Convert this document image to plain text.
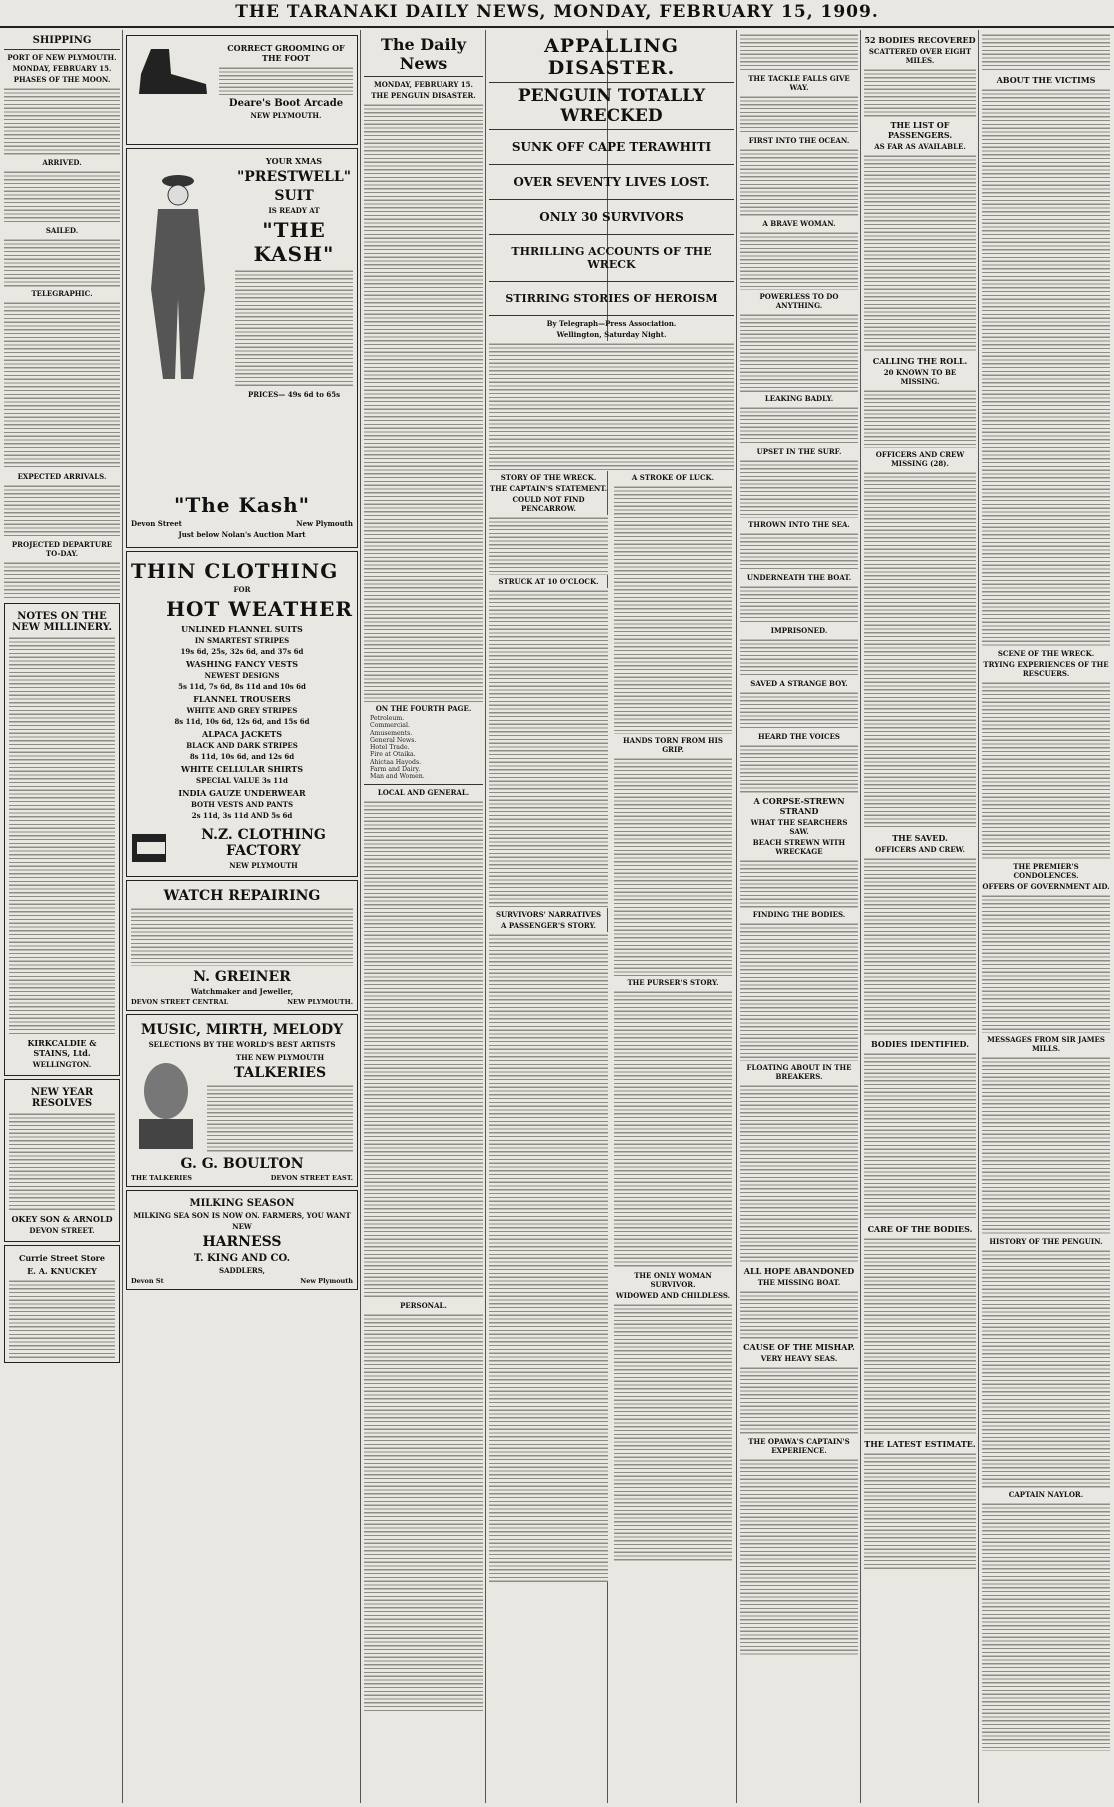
THE TARANAKI DAILY NEWS, MONDAY, FEBRUARY 15, 1909.
SHIPPING
PORT OF NEW PLYMOUTH.
MONDAY, FEBRUARY 15.
PHASES OF THE MOON.
ARRIVED.
SAILED.
TELEGRAPHIC.
EXPECTED ARRIVALS.
PROJECTED DEPARTURE TO-DAY.
NOTES ON THE NEW MILLINERY.
KIRKCALDIE & STAINS, Ltd.
WELLINGTON.
NEW YEAR RESOLVES
OKEY SON & ARNOLD
DEVON STREET.
Currie Street Store
E. A. KNUCKEY
CORRECT GROOMING OF THE FOOT
Deare's Boot Arcade
NEW PLYMOUTH.
YOUR XMAS
"PRESTWELL"
SUIT
IS READY AT
"THE KASH"
PRICES— 49s 6d to 65s
"The Kash"
Devon Street	New Plymouth
Just below Nolan's Auction Mart
THIN CLOTHING
FOR
HOT WEATHER
UNLINED FLANNEL SUITS
IN SMARTEST STRIPES
19s 6d, 25s, 32s 6d, and 37s 6d
WASHING FANCY VESTS
NEWEST DESIGNS
5s 11d, 7s 6d, 8s 11d and 10s 6d
FLANNEL TROUSERS
WHITE AND GREY STRIPES
8s 11d, 10s 6d, 12s 6d, and 15s 6d
ALPACA JACKETS
BLACK AND DARK STRIPES
8s 11d, 10s 6d, and 12s 6d
WHITE CELLULAR SHIRTS
SPECIAL VALUE 3s 11d
INDIA GAUZE UNDERWEAR
BOTH VESTS AND PANTS
2s 11d, 3s 11d AND 5s 6d
N.Z. CLOTHING FACTORY
NEW PLYMOUTH
WATCH REPAIRING
N. GREINER
Watchmaker and Jeweller,
DEVON STREET CENTRAL	NEW PLYMOUTH.
MUSIC, MIRTH, MELODY
SELECTIONS BY THE WORLD'S BEST ARTISTS
THE NEW PLYMOUTH
TALKERIES
G. G. BOULTON
THE TALKERIES	DEVON STREET EAST.
MILKING SEASON
MILKING SEA SON IS NOW ON. FARMERS, YOU WANT
NEW
HARNESS
T. KING AND CO.
SADDLERS,
Devon St	New Plymouth
The Daily News
MONDAY, FEBRUARY 15.
THE PENGUIN DISASTER.
ON THE FOURTH PAGE.
Petroleum.
Commercial.
Amusements.
General News.
Hotel Trade.
Fire at Otaika.
Ahictaa Hayods.
Farm and Dairy.
Man and Women.
LOCAL AND GENERAL.
PERSONAL.
APPALLING DISASTER.
PENGUIN TOTALLY WRECKED
SUNK OFF CAPE TERAWHITI
OVER SEVENTY LIVES LOST.
ONLY 30 SURVIVORS
THRILLING ACCOUNTS OF THE WRECK
STIRRING STORIES OF HEROISM
By Telegraph—Press Association.
Wellington, Saturday Night.
STORY OF THE WRECK.
THE CAPTAIN'S STATEMENT.
COULD NOT FIND PENCARROW.
STRUCK AT 10 O'CLOCK.
SURVIVORS' NARRATIVES
A PASSENGER'S STORY.
A STROKE OF LUCK.
HANDS TORN FROM HIS GRIP.
THE PURSER'S STORY.
THE ONLY WOMAN SURVIVOR.
WIDOWED AND CHILDLESS.
THE TACKLE FALLS GIVE WAY.
FIRST INTO THE OCEAN.
A BRAVE WOMAN.
POWERLESS TO DO ANYTHING.
LEAKING BADLY.
UPSET IN THE SURF.
THROWN INTO THE SEA.
UNDERNEATH THE BOAT.
IMPRISONED.
SAVED A STRANGE BOY.
HEARD THE VOICES
A CORPSE-STREWN STRAND
WHAT THE SEARCHERS SAW.
BEACH STREWN WITH WRECKAGE
FINDING THE BODIES.
FLOATING ABOUT IN THE BREAKERS.
ALL HOPE ABANDONED
THE MISSING BOAT.
CAUSE OF THE MISHAP.
VERY HEAVY SEAS.
THE OPAWA'S CAPTAIN'S EXPERIENCE.
52 BODIES RECOVERED
SCATTERED OVER EIGHT MILES.
THE LIST OF PASSENGERS.
AS FAR AS AVAILABLE.
CALLING THE ROLL.
20 KNOWN TO BE MISSING.
OFFICERS AND CREW MISSING (28).
THE SAVED.
OFFICERS AND CREW.
BODIES IDENTIFIED.
CARE OF THE BODIES.
THE LATEST ESTIMATE.
ABOUT THE VICTIMS
SCENE OF THE WRECK.
TRYING EXPERIENCES OF THE RESCUERS.
THE PREMIER'S CONDOLENCES.
OFFERS OF GOVERNMENT AID.
MESSAGES FROM SIR JAMES MILLS.
HISTORY OF THE PENGUIN.
CAPTAIN NAYLOR.
